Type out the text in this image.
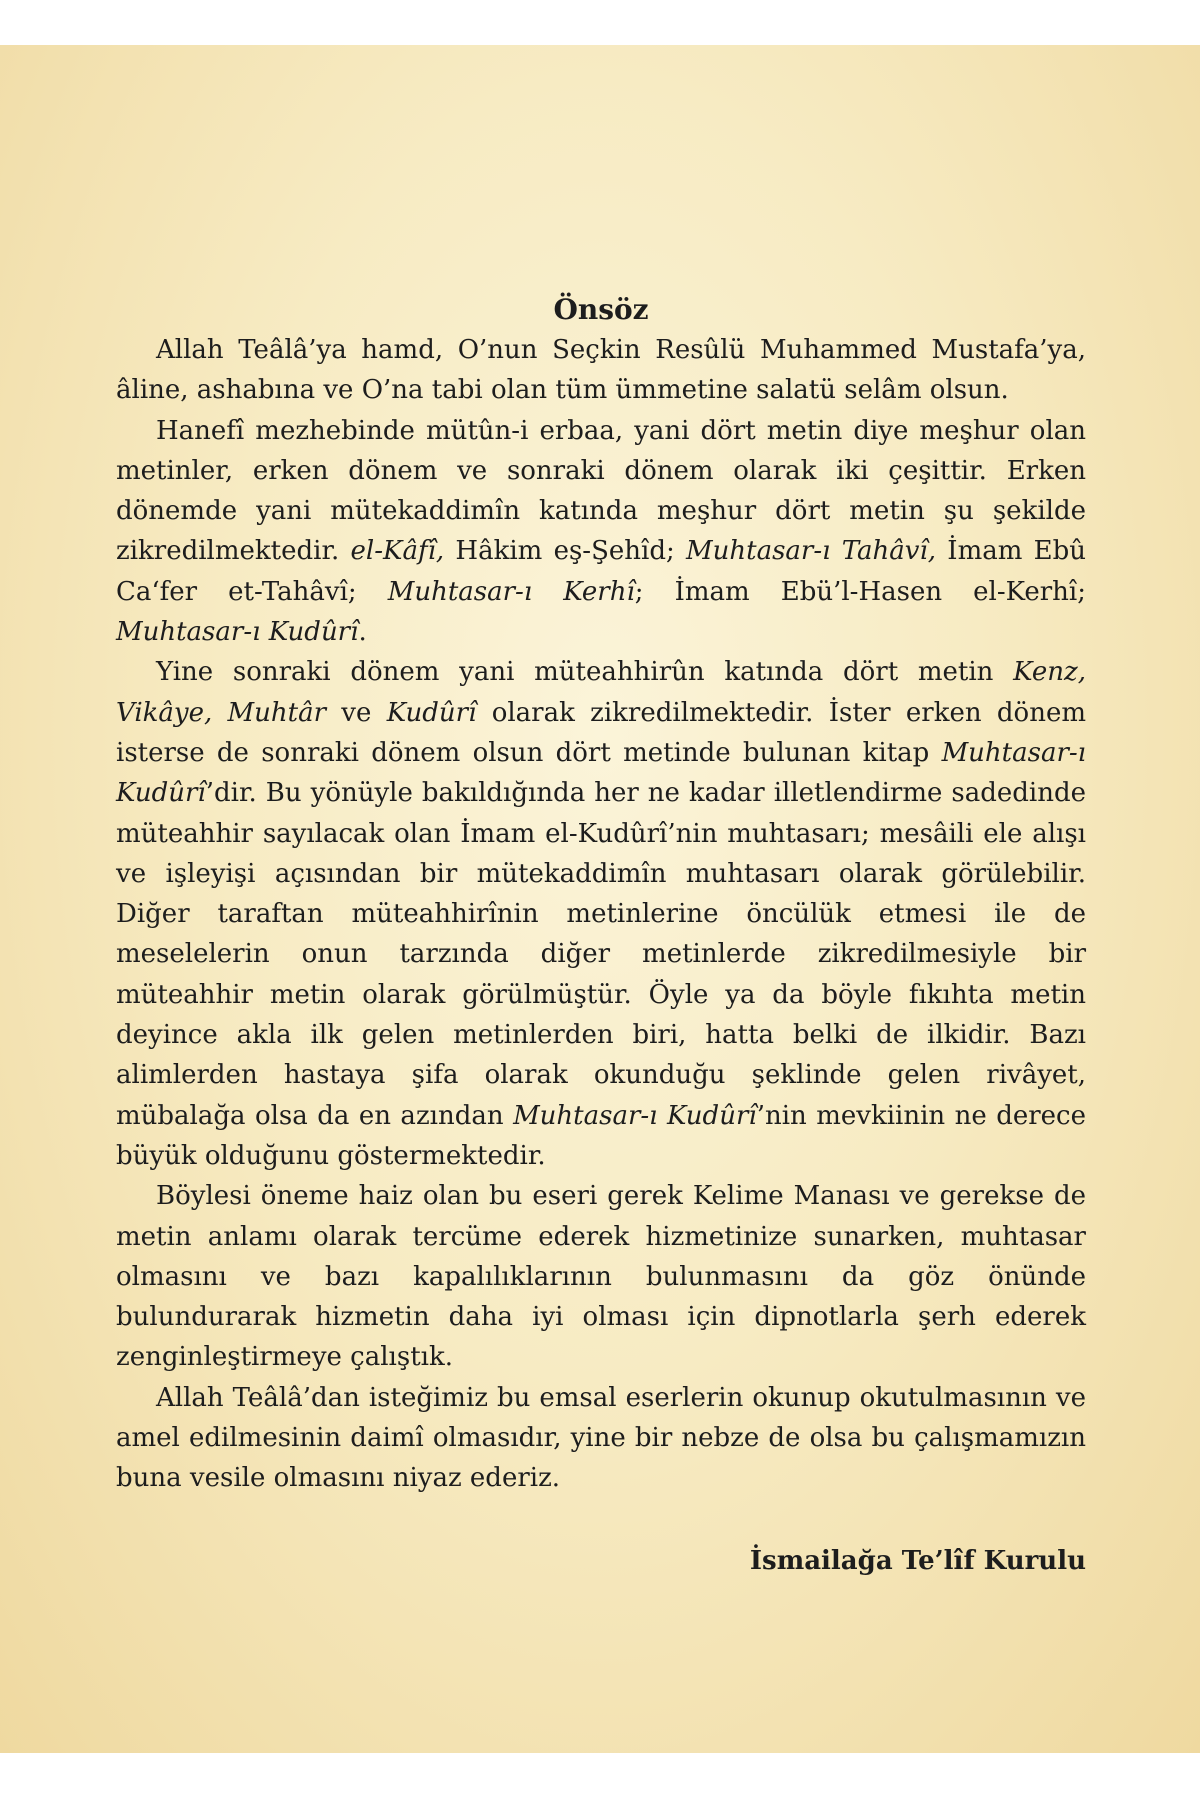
Önsöz

Allah Teâlâ’ya hamd, O’nun Seçkin Resûlü Muhammed Mustafa’ya, âline, ashabına ve O’na tabi olan tüm ümmetine salatü selâm olsun.

Hanefî mezhebinde mütûn-i erbaa, yani dört metin diye meşhur olan metinler, erken dönem ve sonraki dönem olarak iki çeşittir. Erken dönemde yani mütekaddimîn katında meşhur dört metin şu şekilde zikredilmektedir. el-Kâfî, Hâkim eş-Şehîd; Muhtasar-ı Tahâvî, İmam Ebû Ca‘fer et-Tahâvî; Muhtasar-ı Kerhî; İmam Ebü’l-Hasen el-Kerhî; Muhtasar-ı Kudûrî.

Yine sonraki dönem yani müteahhirûn katında dört metin Kenz, Vikâye, Muhtâr ve Kudûrî olarak zikredilmektedir. İster erken dönem isterse de sonraki dönem olsun dört metinde bulunan kitap Muhtasar-ı Kudûrî’dir. Bu yönüyle bakıldığında her ne kadar illetlendirme sadedinde müteahhir sayılacak olan İmam el-Kudûrî’nin muhtasarı; mesâili ele alışı ve işleyişi açısından bir mütekaddimîn muhtasarı olarak görülebilir. Diğer taraftan müteahhirînin metinlerine öncülük etmesi ile de meselelerin onun tarzında diğer metinlerde zikredilmesiyle bir müteahhir metin olarak görülmüştür. Öyle ya da böyle fıkıhta metin deyince akla ilk gelen metinlerden biri, hatta belki de ilkidir. Bazı alimlerden hastaya şifa olarak okunduğu şeklinde gelen rivâyet, mübalağa olsa da en azından Muhtasar-ı Kudûrî’nin mevkiinin ne derece büyük olduğunu göstermektedir.

Böylesi öneme haiz olan bu eseri gerek Kelime Manası ve gerekse de metin anlamı olarak tercüme ederek hizmetinize sunarken, muhtasar olmasını ve bazı kapalılıklarının bulunmasını da göz önünde bulundurarak hizmetin daha iyi olması için dipnotlarla şerh ederek zenginleştirmeye çalıştık.

Allah Teâlâ’dan isteğimiz bu emsal eserlerin okunup okutulmasının ve amel edilmesinin daimî olmasıdır, yine bir nebze de olsa bu çalışmamızın buna vesile olmasını niyaz ederiz.

İsmailağa Te’lîf Kurulu
